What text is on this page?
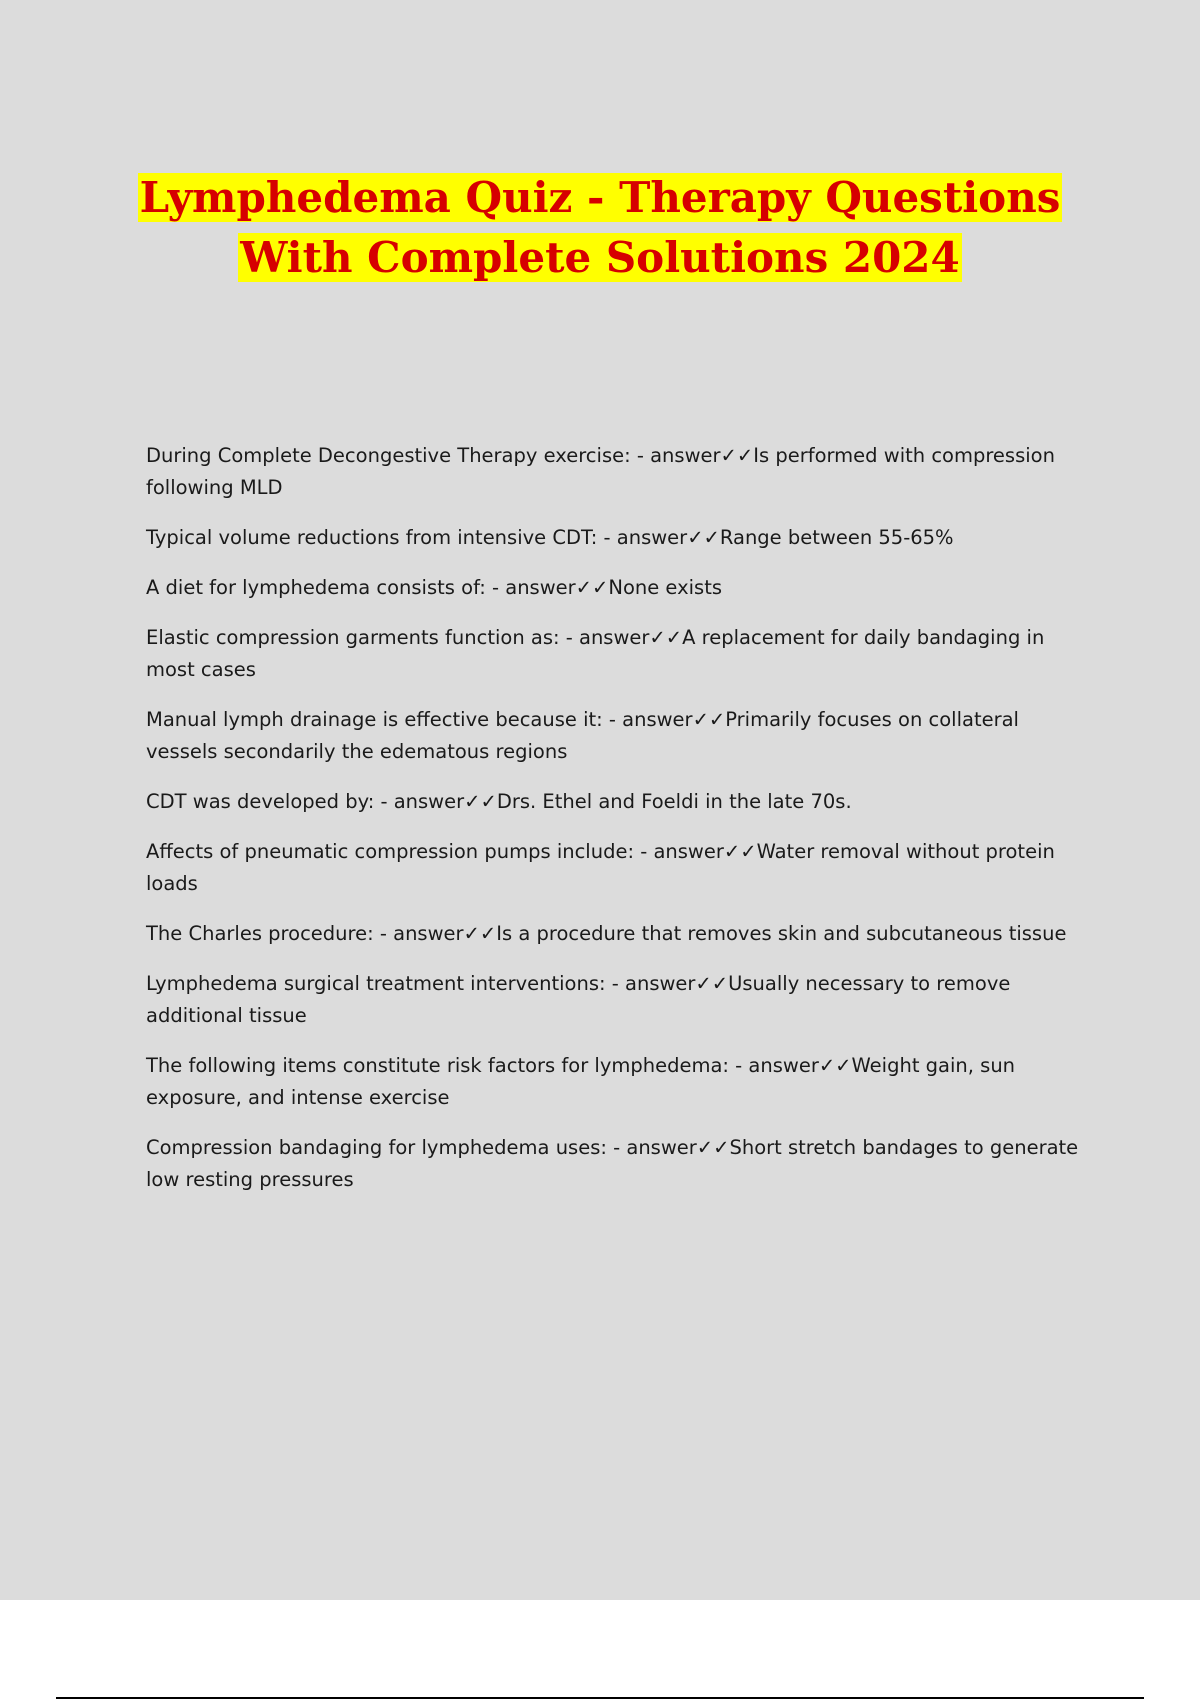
Lymphedema Quiz - Therapy Questions
With Complete Solutions 2024

During Complete Decongestive Therapy exercise: - answer✓✓Is performed with compression following MLD

Typical volume reductions from intensive CDT: - answer✓✓Range between 55-65%

A diet for lymphedema consists of: - answer✓✓None exists

Elastic compression garments function as: - answer✓✓A replacement for daily bandaging in most cases

Manual lymph drainage is effective because it: - answer✓✓Primarily focuses on collateral vessels secondarily the edematous regions

CDT was developed by: - answer✓✓Drs. Ethel and Foeldi in the late 70s.

Affects of pneumatic compression pumps include: - answer✓✓Water removal without protein loads

The Charles procedure: - answer✓✓Is a procedure that removes skin and subcutaneous tissue

Lymphedema surgical treatment interventions: - answer✓✓Usually necessary to remove additional tissue

The following items constitute risk factors for lymphedema: - answer✓✓Weight gain, sun exposure, and intense exercise

Compression bandaging for lymphedema uses: - answer✓✓Short stretch bandages to generate low resting pressures
